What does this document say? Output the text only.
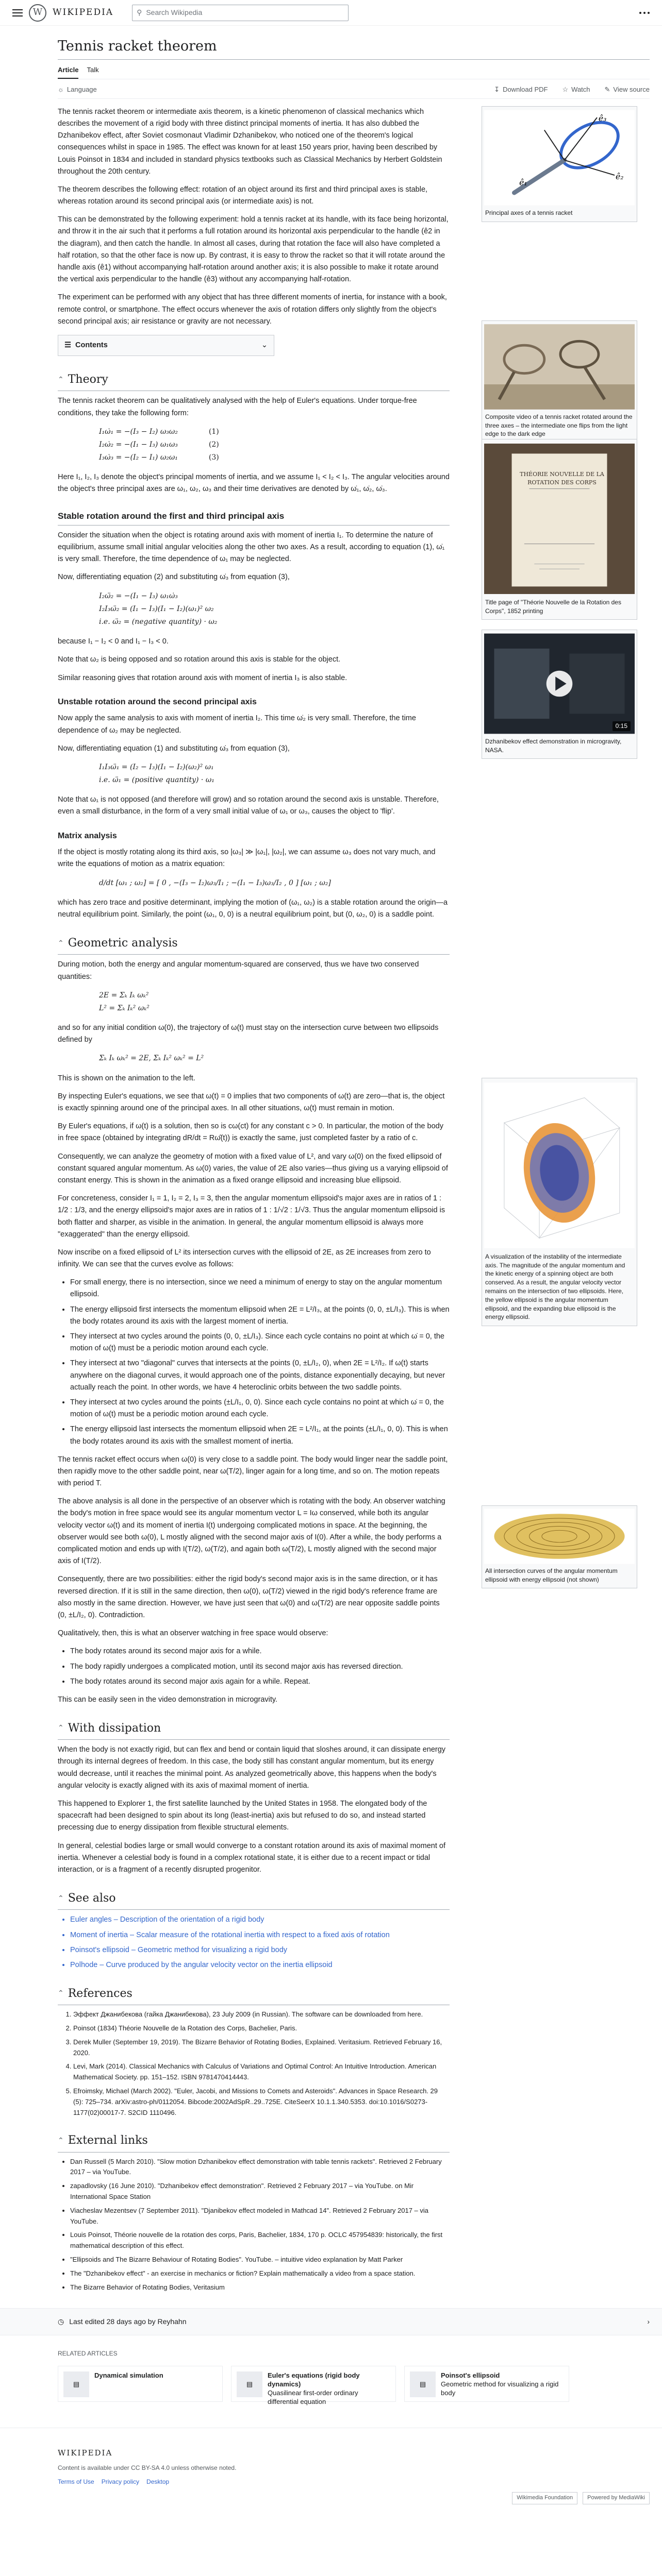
W	WIKIPEDIA	⚲ Search Wikipedia
Tennis racket theorem
Article Talk
☼ Language	↧ Download PDF ☆ Watch ✎ View source
ê₃
ê₂
ê₁
Principal axes of a tennis racket
Composite video of a tennis racket rotated around the three axes – the intermediate one flips from the light edge to the dark edge
THÉORIE NOUVELLE DE LA ROTATION DES CORPS
Title page of "Théorie Nouvelle de la Rotation des Corps", 1852 printing
0:15
Dzhanibekov effect demonstration in microgravity, NASA.
A visualization of the instability of the intermediate axis. The magnitude of the angular momentum and the kinetic energy of a spinning object are both conserved. As a result, the angular velocity vector remains on the intersection of two ellipsoids. Here, the yellow ellipsoid is the angular momentum ellipsoid, and the expanding blue ellipsoid is the energy ellipsoid.
All intersection curves of the angular momentum ellipsoid with energy ellipsoid (not shown)

The tennis racket theorem or intermediate axis theorem, is a kinetic phenomenon of classical mechanics which describes the movement of a rigid body with three distinct principal moments of inertia. It has also dubbed the Dzhanibekov effect, after Soviet cosmonaut Vladimir Dzhanibekov, who noticed one of the theorem's logical consequences whilst in space in 1985. The effect was known for at least 150 years prior, having been described by Louis Poinsot in 1834 and included in standard physics textbooks such as Classical Mechanics by Herbert Goldstein throughout the 20th century.

The theorem describes the following effect: rotation of an object around its first and third principal axes is stable, whereas rotation around its second principal axis (or intermediate axis) is not.

This can be demonstrated by the following experiment: hold a tennis racket at its handle, with its face being horizontal, and throw it in the air such that it performs a full rotation around its horizontal axis perpendicular to the handle (ê2 in the diagram), and then catch the handle. In almost all cases, during that rotation the face will also have completed a half rotation, so that the other face is now up. By contrast, it is easy to throw the racket so that it will rotate around the handle axis (ê1) without accompanying half-rotation around another axis; it is also possible to make it rotate around the vertical axis perpendicular to the handle (ê3) without any accompanying half-rotation.

The experiment can be performed with any object that has three different moments of inertia, for instance with a book, remote control, or smartphone. The effect occurs whenever the axis of rotation differs only slightly from the object's second principal axis; air resistance or gravity are not necessary.

☰ Contents	⌄
⌃ Theory

The tennis racket theorem can be qualitatively analysed with the help of Euler's equations. Under torque-free conditions, they take the following form:

I₁ω̇₁ = −(I₃ − I₂) ω₃ω₂	(1)
I₂ω̇₂ = −(I₁ − I₃) ω₁ω₃	(2)
I₃ω̇₃ = −(I₂ − I₁) ω₂ω₁	(3)

Here I₁, I₂, I₃ denote the object's principal moments of inertia, and we assume I₁ < I₂ < I₃. The angular velocities around the object's three principal axes are ω₁, ω₂, ω₃ and their time derivatives are denoted by ω̇₁, ω̇₂, ω̇₃.

Stable rotation around the first and third principal axis

Consider the situation when the object is rotating around axis with moment of inertia I₁. To determine the nature of equilibrium, assume small initial angular velocities along the other two axes. As a result, according to equation (1), ω̇₁ is very small. Therefore, the time dependence of ω₁ may be neglected.

Now, differentiating equation (2) and substituting ω̇₃ from equation (3),

I₂ω̈₂ = −(I₁ − I₃) ω₁ω̇₃
I₂I₃ω̈₂ = (I₁ − I₃)(I₁ − I₂)(ω₁)² ω₂
i.e. ω̈₂ = (negative quantity) · ω₂

because I₁ − I₂ < 0 and I₁ − I₃ < 0.

Note that ω₂ is being opposed and so rotation around this axis is stable for the object.

Similar reasoning gives that rotation around axis with moment of inertia I₃ is also stable.

Unstable rotation around the second principal axis

Now apply the same analysis to axis with moment of inertia I₂. This time ω̇₂ is very small. Therefore, the time dependence of ω₂ may be neglected.

Now, differentiating equation (1) and substituting ω̇₃ from equation (3),

I₁I₃ω̈₁ = (I₂ − I₃)(I₁ − I₂)(ω₂)² ω₁
i.e. ω̈₁ = (positive quantity) · ω₁

Note that ω₁ is not opposed (and therefore will grow) and so rotation around the second axis is unstable. Therefore, even a small disturbance, in the form of a very small initial value of ω₁ or ω₃, causes the object to 'flip'.

Matrix analysis

If the object is mostly rotating along its third axis, so |ω₃| ≫ |ω₁|, |ω₂|, we can assume ω₃ does not vary much, and write the equations of motion as a matrix equation:

d/dt [ω₁ ; ω₂] = [ 0 , −(I₃ − I₂)ω₃/I₁ ; −(I₁ − I₃)ω₃/I₂ , 0 ] [ω₁ ; ω₂]

which has zero trace and positive determinant, implying the motion of (ω₁, ω₂) is a stable rotation around the origin—a neutral equilibrium point. Similarly, the point (ω₁, 0, 0) is a neutral equilibrium point, but (0, ω₂, 0) is a saddle point.

⌃ Geometric analysis

During motion, both the energy and angular momentum-squared are conserved, thus we have two conserved quantities:

2E = Σₖ Iₖ ωₖ²
L² = Σₖ Iₖ² ωₖ²

and so for any initial condition ω(0), the trajectory of ω(t) must stay on the intersection curve between two ellipsoids defined by

Σₖ Iₖ ωₖ² = 2E, Σₖ Iₖ² ωₖ² = L²

This is shown on the animation to the left.

By inspecting Euler's equations, we see that ω(t) = 0 implies that two components of ω(t) are zero—that is, the object is exactly spinning around one of the principal axes. In all other situations, ω(t) must remain in motion.

By Euler's equations, if ω(t) is a solution, then so is cω(ct) for any constant c > 0. In particular, the motion of the body in free space (obtained by integrating dR/dt = Rω̂(t)) is exactly the same, just completed faster by a ratio of c.

Consequently, we can analyze the geometry of motion with a fixed value of L², and vary ω(0) on the fixed ellipsoid of constant squared angular momentum. As ω(0) varies, the value of 2E also varies—thus giving us a varying ellipsoid of constant energy. This is shown in the animation as a fixed orange ellipsoid and increasing blue ellipsoid.

For concreteness, consider I₁ = 1, I₂ = 2, I₃ = 3, then the angular momentum ellipsoid's major axes are in ratios of 1 : 1/2 : 1/3, and the energy ellipsoid's major axes are in ratios of 1 : 1/√2 : 1/√3. Thus the angular momentum ellipsoid is both flatter and sharper, as visible in the animation. In general, the angular momentum ellipsoid is always more "exaggerated" than the energy ellipsoid.

Now inscribe on a fixed ellipsoid of L² its intersection curves with the ellipsoid of 2E, as 2E increases from zero to infinity. We can see that the curves evolve as follows:

• For small energy, there is no intersection, since we need a minimum of energy to stay on the angular momentum ellipsoid.
• The energy ellipsoid first intersects the momentum ellipsoid when 2E = L²/I₃, at the points (0, 0, ±L/I₃). This is when the body rotates around its axis with the largest moment of inertia.
• They intersect at two cycles around the points (0, 0, ±L/I₃). Since each cycle contains no point at which ω̇ = 0, the motion of ω(t) must be a periodic motion around each cycle.
• They intersect at two "diagonal" curves that intersects at the points (0, ±L/I₂, 0), when 2E = L²/I₂. If ω(t) starts anywhere on the diagonal curves, it would approach one of the points, distance exponentially decaying, but never actually reach the point. In other words, we have 4 heteroclinic orbits between the two saddle points.
• They intersect at two cycles around the points (±L/I₁, 0, 0). Since each cycle contains no point at which ω̇ = 0, the motion of ω(t) must be a periodic motion around each cycle.
• The energy ellipsoid last intersects the momentum ellipsoid when 2E = L²/I₁, at the points (±L/I₁, 0, 0). This is when the body rotates around its axis with the smallest moment of inertia.

The tennis racket effect occurs when ω(0) is very close to a saddle point. The body would linger near the saddle point, then rapidly move to the other saddle point, near ω(T/2), linger again for a long time, and so on. The motion repeats with period T.

The above analysis is all done in the perspective of an observer which is rotating with the body. An observer watching the body's motion in free space would see its angular momentum vector L = Iω conserved, while both its angular velocity vector ω(t) and its moment of inertia I(t) undergoing complicated motions in space. At the beginning, the observer would see both ω(0), L mostly aligned with the second major axis of I(0). After a while, the body performs a complicated motion and ends up with I(T/2), ω(T/2), and again both ω(T/2), L mostly aligned with the second major axis of I(T/2).

Consequently, there are two possibilities: either the rigid body's second major axis is in the same direction, or it has reversed direction. If it is still in the same direction, then ω(0), ω(T/2) viewed in the rigid body's reference frame are also mostly in the same direction. However, we have just seen that ω(0) and ω(T/2) are near opposite saddle points (0, ±L/I₂, 0). Contradiction.

Qualitatively, then, this is what an observer watching in free space would observe:

• The body rotates around its second major axis for a while.
• The body rapidly undergoes a complicated motion, until its second major axis has reversed direction.
• The body rotates around its second major axis again for a while. Repeat.

This can be easily seen in the video demonstration in microgravity.

⌃ With dissipation

When the body is not exactly rigid, but can flex and bend or contain liquid that sloshes around, it can dissipate energy through its internal degrees of freedom. In this case, the body still has constant angular momentum, but its energy would decrease, until it reaches the minimal point. As analyzed geometrically above, this happens when the body's angular velocity is exactly aligned with its axis of maximal moment of inertia.

This happened to Explorer 1, the first satellite launched by the United States in 1958. The elongated body of the spacecraft had been designed to spin about its long (least-inertia) axis but refused to do so, and instead started precessing due to energy dissipation from flexible structural elements.

In general, celestial bodies large or small would converge to a constant rotation around its axis of maximal moment of inertia. Whenever a celestial body is found in a complex rotational state, it is either due to a recent impact or tidal interaction, or is a fragment of a recently disrupted progenitor.

⌃ See also
• Euler angles – Description of the orientation of a rigid body
• Moment of inertia – Scalar measure of the rotational inertia with respect to a fixed axis of rotation
• Poinsot's ellipsoid – Geometric method for visualizing a rigid body
• Polhode – Curve produced by the angular velocity vector on the inertia ellipsoid
⌃ References
1. Эффект Джанибекова (гайка Джанибекова), 23 July 2009 (in Russian). The software can be downloaded from here.
2. Poinsot (1834) Théorie Nouvelle de la Rotation des Corps, Bachelier, Paris.
3. Derek Muller (September 19, 2019). The Bizarre Behavior of Rotating Bodies, Explained. Veritasium. Retrieved February 16, 2020.
4. Levi, Mark (2014). Classical Mechanics with Calculus of Variations and Optimal Control: An Intuitive Introduction. American Mathematical Society. pp. 151–152. ISBN 9781470414443.
5. Efroimsky, Michael (March 2002). "Euler, Jacobi, and Missions to Comets and Asteroids". Advances in Space Research. 29 (5): 725–734. arXiv:astro-ph/0112054. Bibcode:2002AdSpR..29..725E. CiteSeerX 10.1.1.340.5353. doi:10.1016/S0273-1177(02)00017-7. S2CID 1110496.
⌃ External links
• Dan Russell (5 March 2010). "Slow motion Dzhanibekov effect demonstration with table tennis rackets". Retrieved 2 February 2017 – via YouTube.
• zapadlovsky (16 June 2010). "Dzhanibekov effect demonstration". Retrieved 2 February 2017 – via YouTube. on Mir International Space Station
• Viacheslav Mezentsev (7 September 2011). "Djanibekov effect modeled in Mathcad 14". Retrieved 2 February 2017 – via YouTube.
• Louis Poinsot, Théorie nouvelle de la rotation des corps, Paris, Bachelier, 1834, 170 p. OCLC 457954839: historically, the first mathematical description of this effect.
• "Ellipsoids and The Bizarre Behaviour of Rotating Bodies". YouTube. – intuitive video explanation by Matt Parker
• The "Dzhanibekov effect" - an exercise in mechanics or fiction? Explain mathematically a video from a space station.
• The Bizarre Behavior of Rotating Bodies, Veritasium
◷ Last edited 28 days ago by Reyhahn	›
RELATED ARTICLES
▤
Dynamical simulation
▤
Euler's equations (rigid body dynamics)
Quasilinear first-order ordinary differential equation
▤
Poinsot's ellipsoid
Geometric method for visualizing a rigid body
WIKIPEDIA
Content is available under CC BY-SA 4.0 unless otherwise noted.
Terms of Use Privacy policy Desktop
Wikimedia Foundation	Powered by MediaWiki
